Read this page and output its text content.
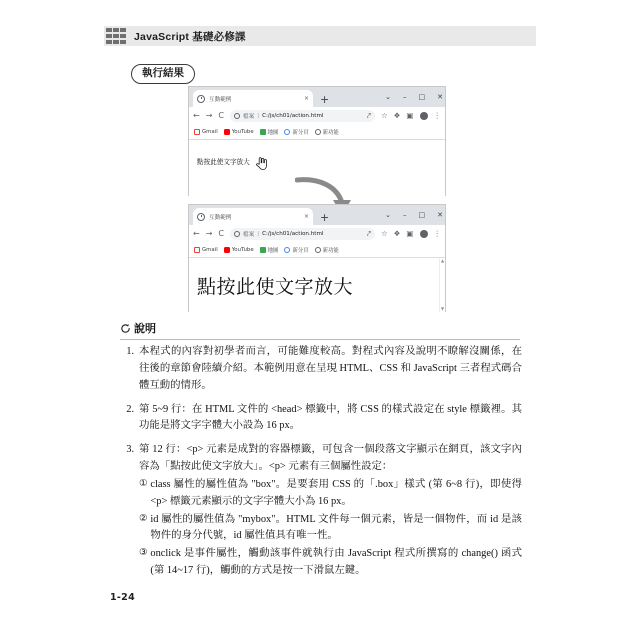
JavaScript 基礎必修課
執行結果
互動範例	× +	⌄ – □ ✕
← → C	檔案 | C:/js/ch01/action.html	⤤ ☆ ❖ ▣	⋮
Gmail	YouTube	地圖	新分頁	新功能
點按此使文字放大
互動範例	× +	⌄ – □ ✕
← → C	檔案 | C:/js/ch01/action.html	⤤ ☆ ❖ ▣	⋮
Gmail	YouTube	地圖	新分頁	新功能
點按此使文字放大
▲
▼
說明
1. 本程式的內容對初學者而言，可能難度較高。對程式內容及說明不瞭解沒關係，在往後的章節會陸續介紹。本範例用意在呈現 HTML、CSS 和 JavaScript 三者程式碼合體互動的情形。
2. 第 5~9 行：在 HTML 文件的 <head> 標籤中，將 CSS 的樣式設定在 style 標籤裡。其功能是將文字字體大小設為 16 px。
3. 第 12 行：<p> 元素是成對的容器標籤，可包含一個段落文字顯示在網頁，該文字內容為「點按此使文字放大」。<p> 元素有三個屬性設定：
① class 屬性的屬性值為 "box"。是要套用 CSS 的「.box」樣式 (第 6~8 行)，即使得 <p> 標籤元素顯示的文字字體大小為 16 px。
② id 屬性的屬性值為 "mybox"。HTML 文件每一個元素，皆是一個物件，而 id 是該物件的身分代號，id 屬性值具有唯一性。
③ onclick 是事件屬性，觸動該事件就執行由 JavaScript 程式所撰寫的 change() 函式 (第 14~17 行)，觸動的方式是按一下滑鼠左鍵。
1-24
